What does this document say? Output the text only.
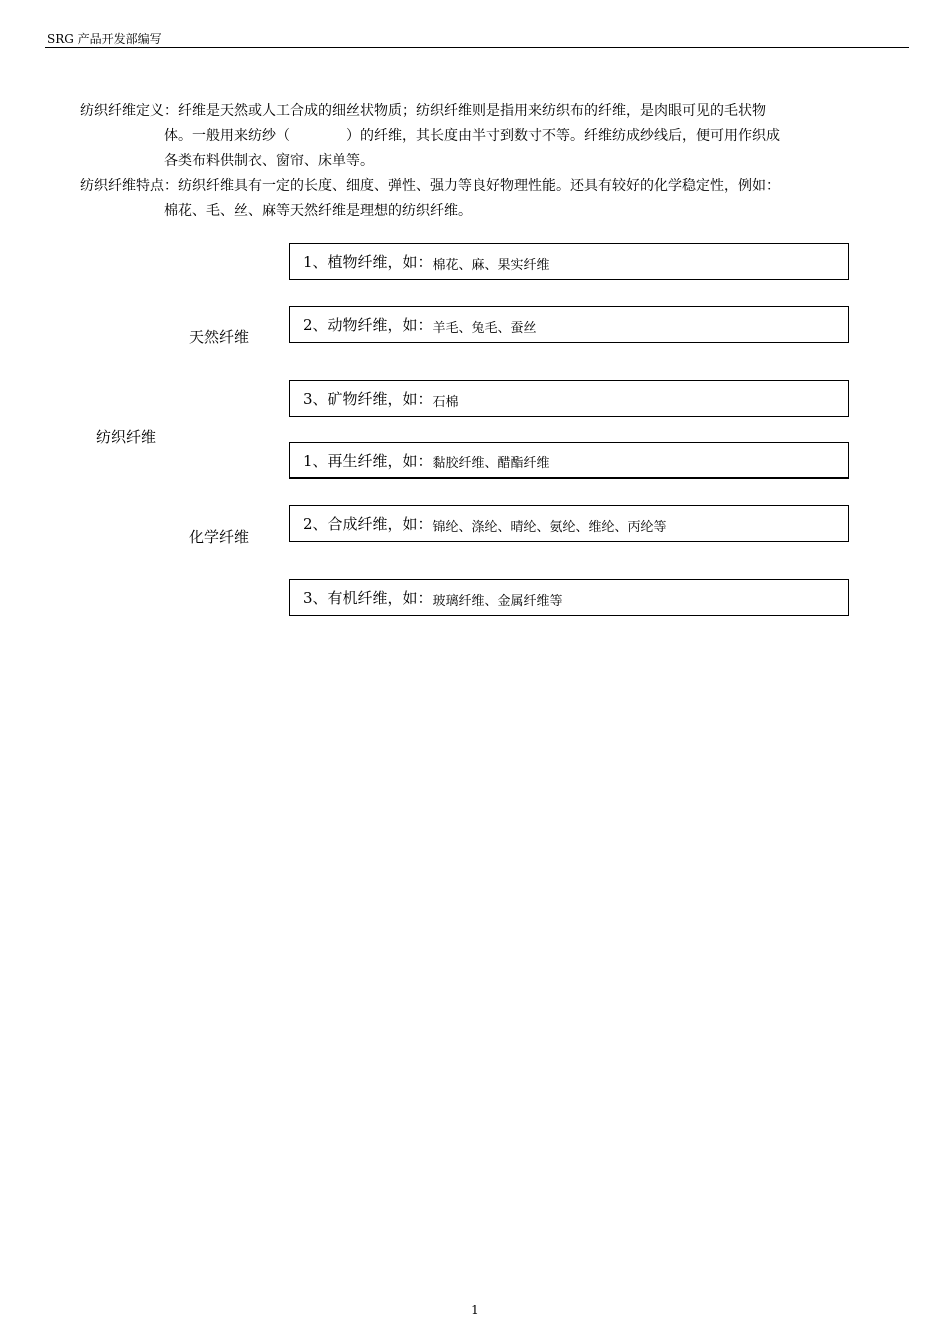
SRG 产品开发部编写
纺织纤维定义：纤维是天然或人工合成的细丝状物质；纺织纤维则是指用来纺织布的纤维，是肉眼可见的毛状物
体。一般用来纺纱（　　　　）的纤维，其长度由半寸到数寸不等。纤维纺成纱线后，便可用作织成
各类布料供制衣、窗帘、床单等。
纺织纤维特点：纺织纤维具有一定的长度、细度、弹性、强力等良好物理性能。还具有较好的化学稳定性，例如：
棉花、毛、丝、麻等天然纤维是理想的纺织纤维。
纺织纤维
天然纤维
化学纤维
1、植物纤维，如： 棉花、麻、果实纤维
2、动物纤维，如： 羊毛、兔毛、蚕丝
3、矿物纤维，如： 石棉
1、再生纤维，如： 黏胶纤维、醋酯纤维
2、合成纤维，如： 锦纶、涤纶、晴纶、氨纶、维纶、丙纶等
3、有机纤维，如： 玻璃纤维、金属纤维等
1
